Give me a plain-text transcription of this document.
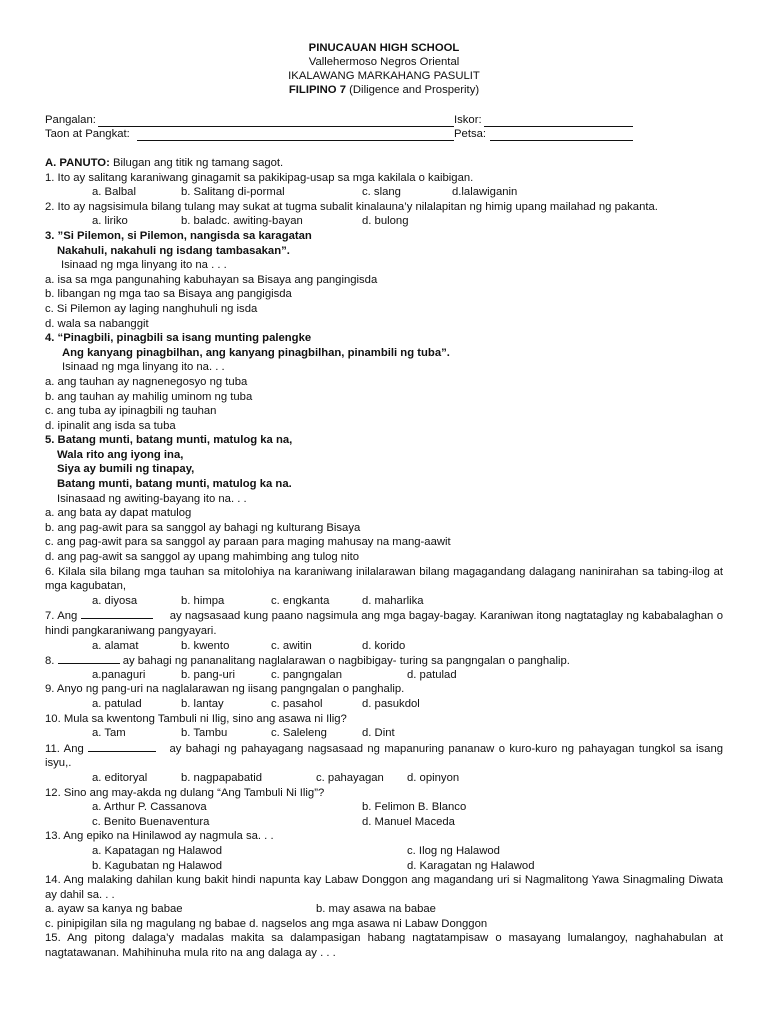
PINUCAUAN HIGH SCHOOL
Vallehermoso Negros Oriental
IKALAWANG MARKAHANG PASULIT
FILIPINO 7 (Diligence and Prosperity)
Pangalan:	Iskor:
Taon at Pangkat:	Petsa:
A. PANUTO: Bilugan ang titik ng tamang sagot.
1. Ito ay salitang karaniwang ginagamit sa pakikipag-usap sa mga kakilala o kaibigan.
a. Balbal	b. Salitang di-pormal	c. slang	d.lalawiganin
2. Ito ay nagsisimula bilang tulang may sukat at tugma subalit kinalauna’y nilalapitan ng himig upang mailahad ng pakanta.
a. liriko	b. baladc. awiting-bayan	d. bulong
3. ”Si Pilemon, si Pilemon, nangisda sa karagatan
Nakahuli, nakahuli ng isdang tambasakan”.
Isinaad ng mga linyang ito na . . .
a. isa sa mga pangunahing kabuhayan sa Bisaya ang pangingisda
b. libangan ng mga tao sa Bisaya ang pangigisda
c. Si Pilemon ay laging nanghuhuli ng isda
d. wala sa nabanggit
4. “Pinagbili, pinagbili sa isang munting palengke
Ang kanyang pinagbilhan, ang kanyang pinagbilhan, pinambili ng tuba”.
Isinaad ng mga linyang ito na. . .
a. ang tauhan ay nagnenegosyo ng tuba
b. ang tauhan ay mahilig uminom ng tuba
c. ang tuba ay ipinagbili ng tauhan
d. ipinalit ang isda sa tuba
5. Batang munti, batang munti, matulog ka na,
Wala rito ang iyong ina,
Siya ay bumili ng tinapay,
Batang munti, batang munti, matulog ka na.
Isinasaad ng awiting-bayang ito na. . .
a. ang bata ay dapat matulog
b. ang pag-awit para sa sanggol ay bahagi ng kulturang Bisaya
c. ang pag-awit para sa sanggol ay paraan para maging mahusay na mang-aawit
d. ang pag-awit sa sanggol ay upang mahimbing ang tulog nito
6. Kilala sila bilang mga tauhan sa mitolohiya na karaniwang inilalarawan bilang magagandang dalagang naninirahan sa tabing-ilog at mga kagubatan,
a. diyosa	b. himpa	c. engkanta	d. maharlika
7. Ang	ay nagsasaad kung paano nagsimula ang mga bagay-bagay. Karaniwan itong nagtataglay ng kababalaghan o hindi pangkaraniwang pangyayari.
a. alamat	b. kwento	c. awitin	d. korido
8.	ay bahagi ng pananalitang naglalarawan o nagbibigay- turing sa pangngalan o panghalip.
a.panaguri	b. pang-uri	c. pangngalan	d. patulad
9. Anyo ng pang-uri na naglalarawan ng iisang pangngalan o panghalip.
a. patulad	b. lantay	c. pasahol	d. pasukdol
10. Mula sa kwentong Tambuli ni Ilig, sino ang asawa ni Ilig?
a. Tam	b. Tambu	c. Saleleng	d. Dint
11. Ang	ay bahagi ng pahayagang nagsasaad ng mapanuring pananaw o kuro-kuro ng pahayagan tungkol sa isang isyu,.
a. editoryal	b. nagpapabatid	c. pahayagan d. opinyon
12. Sino ang may-akda ng dulang “Ang Tambuli Ni Ilig”?
a. Arthur P. Cassanova	b. Felimon B. Blanco
c. Benito Buenaventura	d. Manuel Maceda
13. Ang epiko na Hinilawod ay nagmula sa. . .
a. Kapatagan ng Halawod	c. Ilog ng Halawod
b. Kagubatan ng Halawod	d. Karagatan ng Halawod
14. Ang malaking dahilan kung bakit hindi napunta kay Labaw Donggon ang magandang uri si Nagmalitong Yawa Sinagmaling Diwata ay dahil sa. . .
a. ayaw sa kanya ng babae	b. may asawa na babae
c. pinipigilan sila ng magulang ng babae d. nagselos ang mga asawa ni Labaw Donggon
15. Ang pitong dalaga’y madalas makita sa dalampasigan habang nagtatampisaw o masayang lumalangoy, naghahabulan at nagtatawanan. Mahihinuha mula rito na ang dalaga ay . . .
